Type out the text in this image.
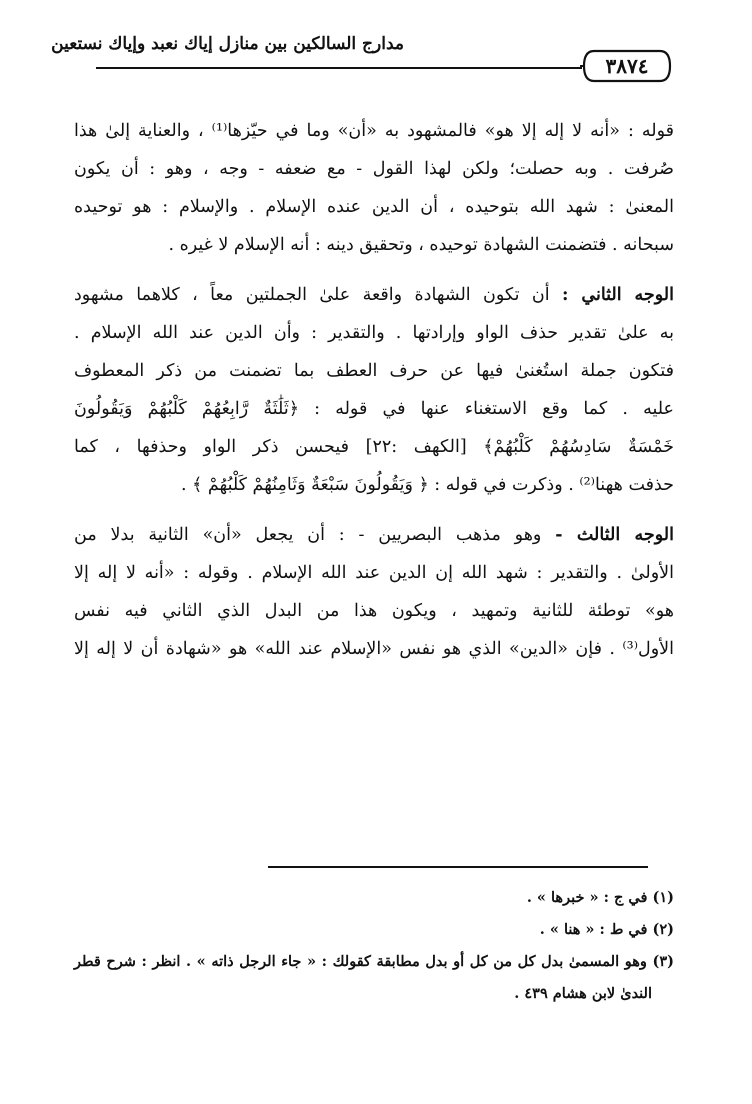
مدارج السالكين بين منازل إياك نعبد وإياك نستعين
٣٨٧٤

قوله : «أنه لا إله إلا هو» فالمشهود به «أن» وما في حيّزها⁽¹⁾ ، والعناية إلىٰ هذا

صُرفت . وبه حصلت؛ ولكن لهذا القول - مع ضعفه - وجه ، وهو : أن يكون

المعنىٰ : شهد الله بتوحيده ، أن الدين عنده الإسلام . والإسلام : هو توحيده

سبحانه . فتضمنت الشهادة توحيده ، وتحقيق دينه : أنه الإسلام لا غيره .

الوجه الثاني : أن تكون الشهادة واقعة علىٰ الجملتين معاً ، كلاهما مشهود

به علىٰ تقدير حذف الواو وإرادتها . والتقدير : وأن الدين عند الله الإسلام .

فتكون جملة استُغنىٰ فيها عن حرف العطف بما تضمنت من ذكر المعطوف

عليه . كما وقع الاستغناء عنها في قوله : ﴿ثَلَٰثَةٌ رَّابِعُهُمْ كَلْبُهُمْ وَيَقُولُونَ

خَمْسَةٌ سَادِسُهُمْ كَلْبُهُمْ﴾ [الكهف :٢٢] فيحسن ذكر الواو وحذفها ، كما

حذفت ههنا⁽²⁾ . وذكرت في قوله : ﴿ وَيَقُولُونَ سَبْعَةٌ وَثَامِنُهُمْ كَلْبُهُمْ ﴾ .

الوجه الثالث - وهو مذهب البصريين - : أن يجعل «أن» الثانية بدلا من

الأولىٰ . والتقدير : شهد الله إن الدين عند الله الإسلام . وقوله : «أنه لا إله إلا

هو» توطئة للثانية وتمهيد ، ويكون هذا من البدل الذي الثاني فيه نفس

الأول⁽³⁾ . فإن «الدين» الذي هو نفس «الإسلام عند الله» هو «شهادة أن لا إله إلا

(١) في ج : « خبرها » .

(٢) في ط : « هنا » .

(٣) وهو المسمىٰ بدل كل من كل أو بدل مطابقة كقولك : « جاء الرجل ذاته » . انظر : شرح قطر

الندىٰ لابن هشام ٤٣٩ .
